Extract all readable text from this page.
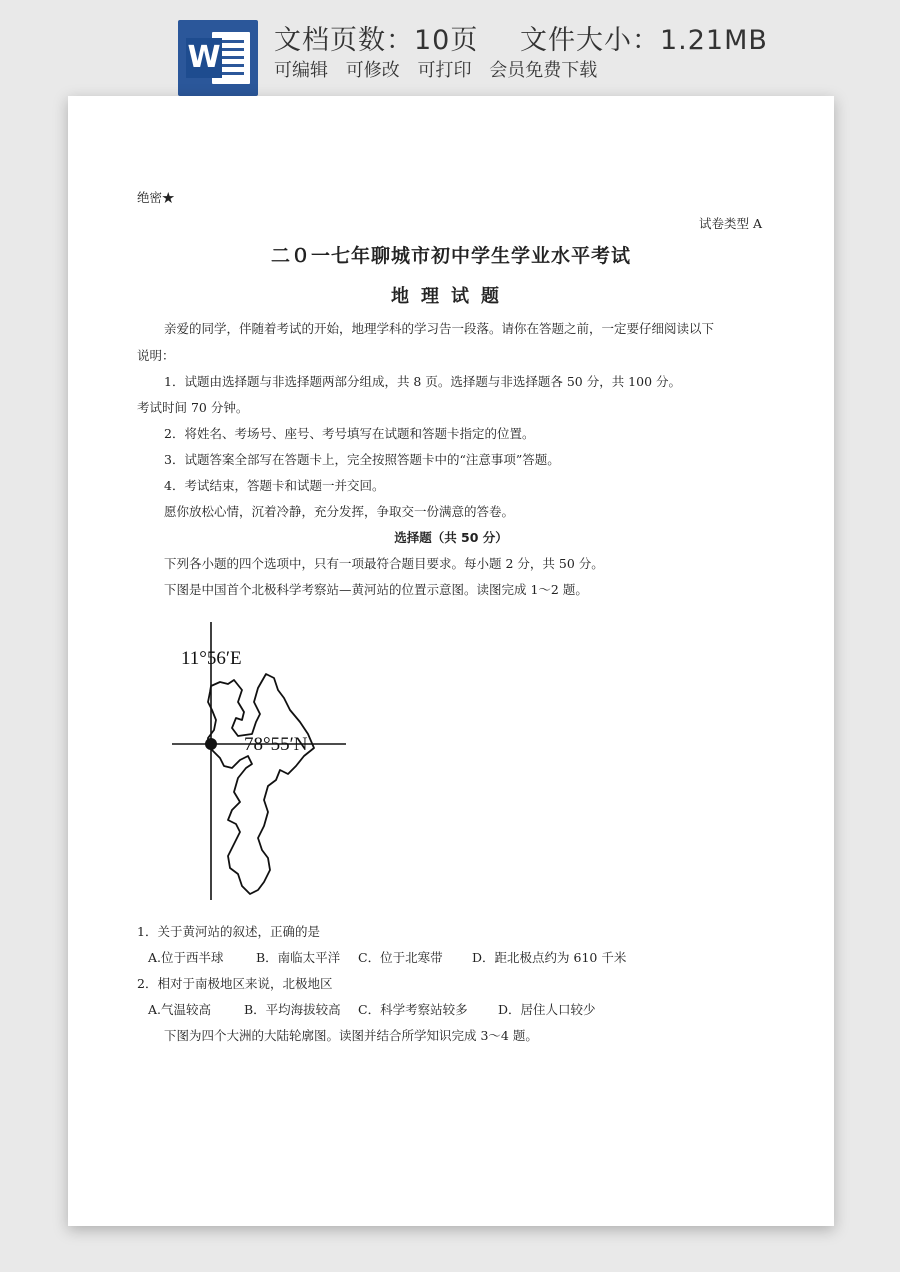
W 文档页数：10页 文件大小：1.21MB
可编辑 可修改 可打印 会员免费下载
绝密★
试卷类型 A
二０一七年聊城市初中学生学业水平考试
地理试题
亲爱的同学，伴随着考试的开始，地理学科的学习告一段落。请你在答题之前，一定要仔细阅读以下
说明：
1．试题由选择题与非选择题两部分组成，共 8 页。选择题与非选择题各 50 分，共 100 分。
考试时间 70 分钟。
2．将姓名、考场号、座号、考号填写在试题和答题卡指定的位置。
3．试题答案全部写在答题卡上，完全按照答题卡中的“注意事项”答题。
4．考试结束，答题卡和试题一并交回。
愿你放松心情，沉着冷静，充分发挥，争取交一份满意的答卷。
选择题（共 50 分）
下列各小题的四个选项中，只有一项最符合题目要求。每小题 2 分，共 50 分。
下图是中国首个北极科学考察站—黄河站的位置示意图。读图完成 1～2 题。
11°56′E
78°55′N
1．关于黄河站的叙述，正确的是
A.位于西半球	B．南临太平洋 C．位于北寒带 D．距北极点约为 610 千米
2．相对于南极地区来说，北极地区
A.气温较高	B．平均海拔较高 C．科学考察站较多 D．居住人口较少
下图为四个大洲的大陆轮廓图。读图并结合所学知识完成 3～4 题。
